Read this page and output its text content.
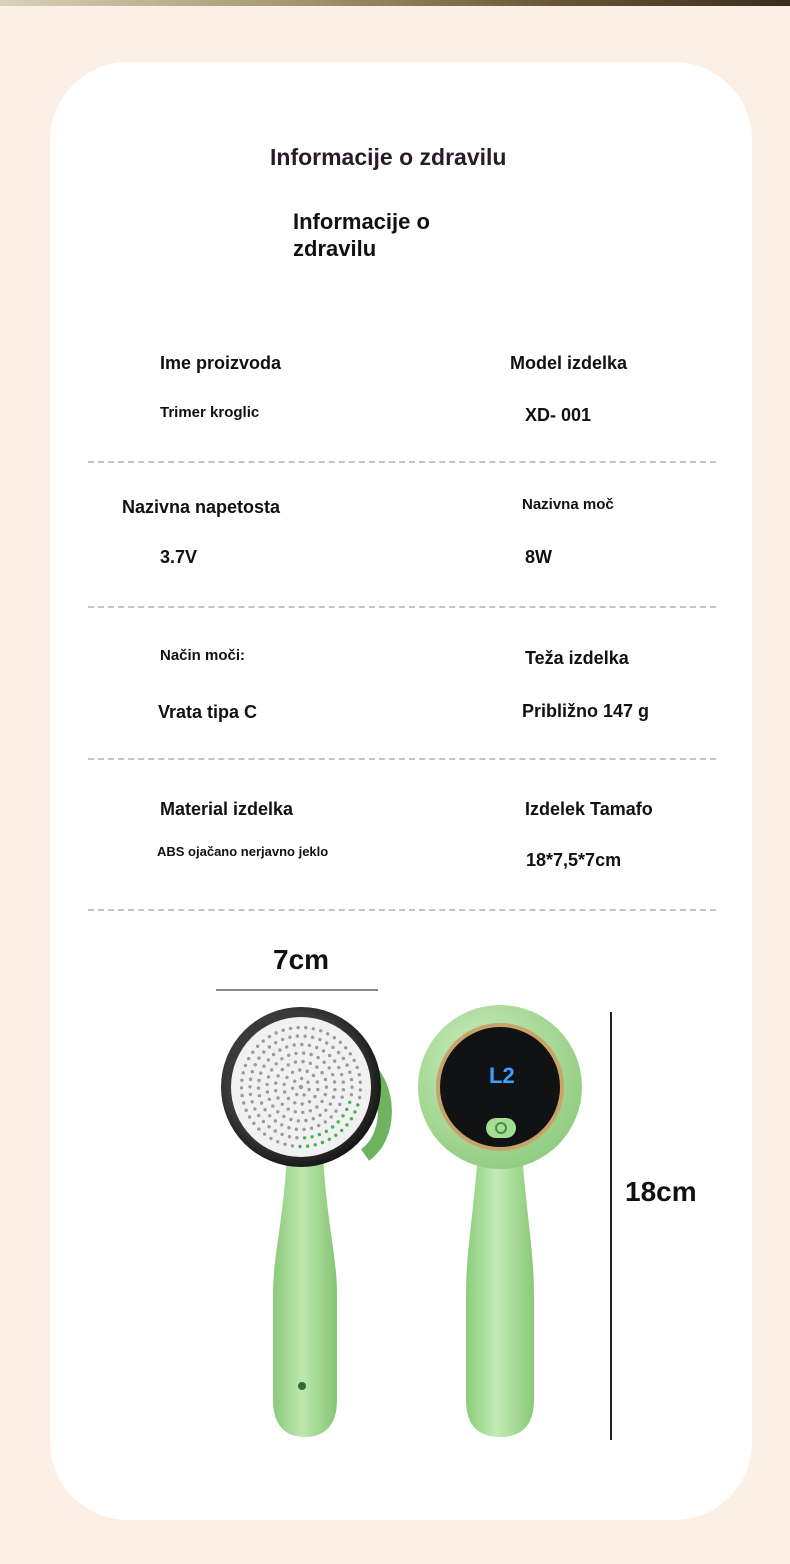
Informacije o zdravilu
Informacije o zdravilu
Ime proizvoda
Trimer kroglic
Model izdelka
XD- 001
Nazivna napetosta
3.7V
Nazivna moč
8W
Način moči:
Vrata tipa C
Teža izdelka
Približno 147 g
Material izdelka
ABS ojačano nerjavno jeklo
Izdelek Tamafo
18*7,5*7cm
7cm
18cm
L2
